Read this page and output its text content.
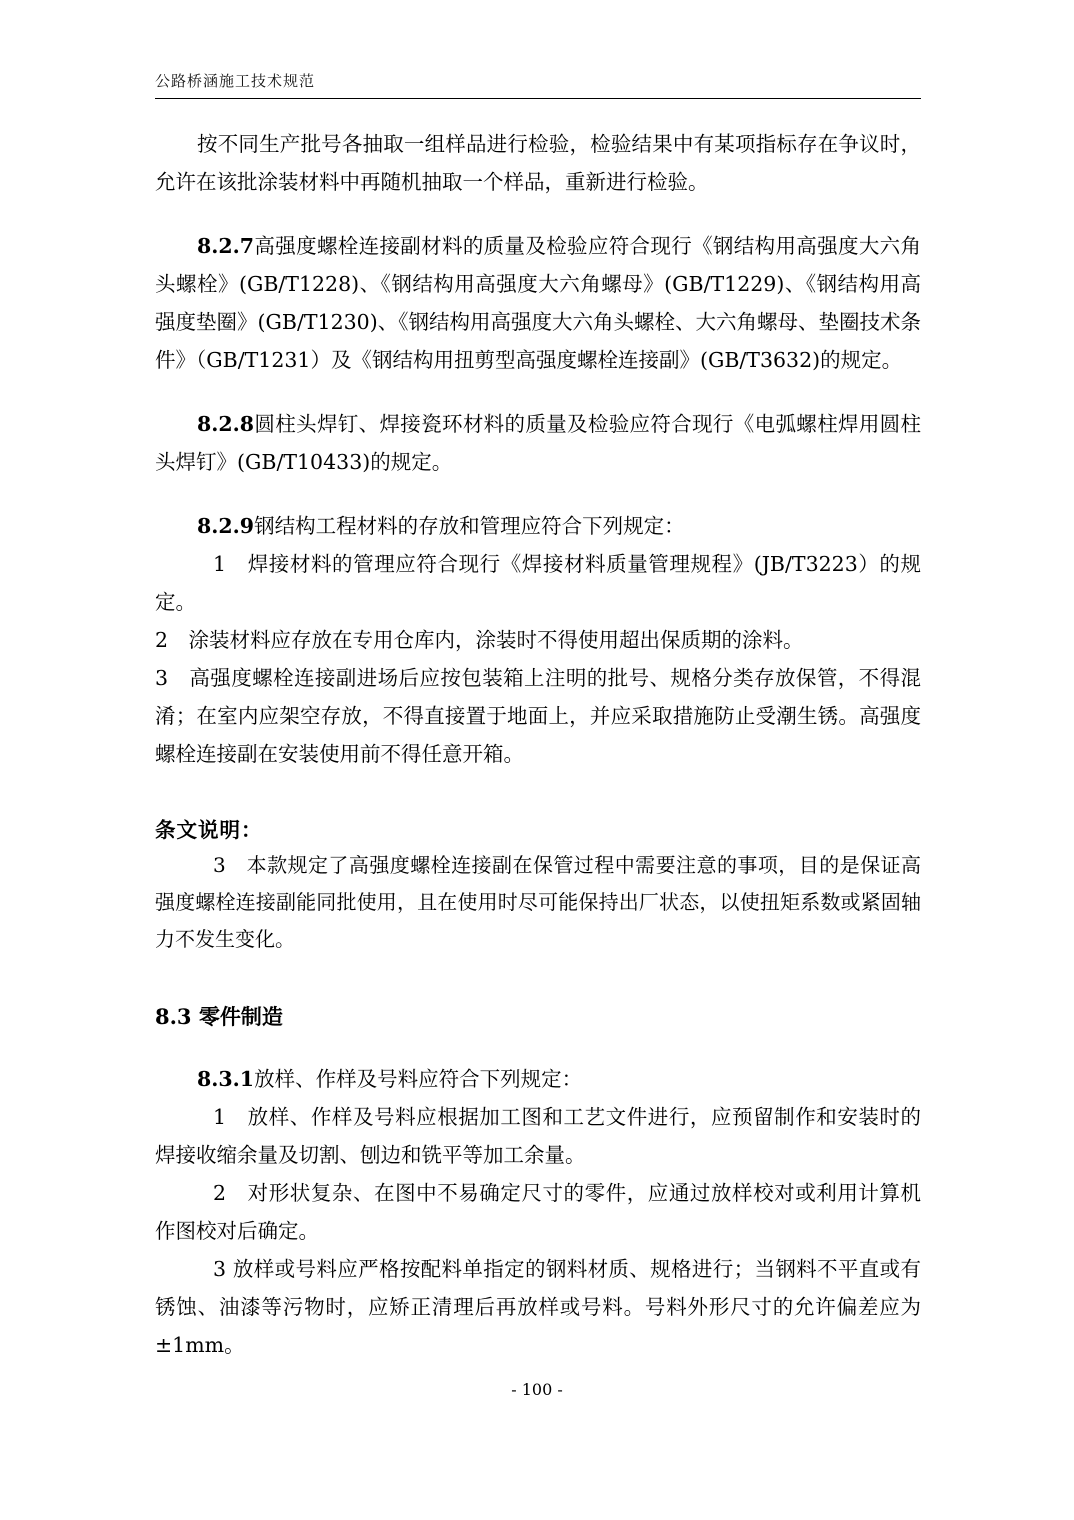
公路桥涵施工技术规范

按不同生产批号各抽取一组样品进行检验，检验结果中有某项指标存在争议时，允许在该批涂装材料中再随机抽取一个样品，重新进行检验。

8.2.7高强度螺栓连接副材料的质量及检验应符合现行《钢结构用高强度大六角头螺栓》(GB/T1228)、《钢结构用高强度大六角螺母》(GB/T1229)、《钢结构用高强度垫圈》(GB/T1230)、《钢结构用高强度大六角头螺栓、大六角螺母、垫圈技术条件》（GB/T1231）及《钢结构用扭剪型高强度螺栓连接副》(GB/T3632)的规定。

8.2.8圆柱头焊钉、焊接瓷环材料的质量及检验应符合现行《电弧螺柱焊用圆柱头焊钉》(GB/T10433)的规定。

8.2.9钢结构工程材料的存放和管理应符合下列规定：

1　焊接材料的管理应符合现行《焊接材料质量管理规程》(JB/T3223）的规定。

2　涂装材料应存放在专用仓库内，涂装时不得使用超出保质期的涂料。

3　高强度螺栓连接副进场后应按包装箱上注明的批号、规格分类存放保管，不得混淆；在室内应架空存放，不得直接置于地面上，并应采取措施防止受潮生锈。高强度螺栓连接副在安装使用前不得任意开箱。

条文说明：

3　本款规定了高强度螺栓连接副在保管过程中需要注意的事项，目的是保证高强度螺栓连接副能同批使用，且在使用时尽可能保持出厂状态，以使扭矩系数或紧固轴力不发生变化。

8.3 零件制造

8.3.1放样、作样及号料应符合下列规定：

1　放样、作样及号料应根据加工图和工艺文件进行，应预留制作和安装时的焊接收缩余量及切割、刨边和铣平等加工余量。

2　对形状复杂、在图中不易确定尺寸的零件，应通过放样校对或利用计算机作图校对后确定。

3 放样或号料应严格按配料单指定的钢料材质、规格进行；当钢料不平直或有锈蚀、油漆等污物时，应矫正清理后再放样或号料。号料外形尺寸的允许偏差应为±1mm。

- 100 -
